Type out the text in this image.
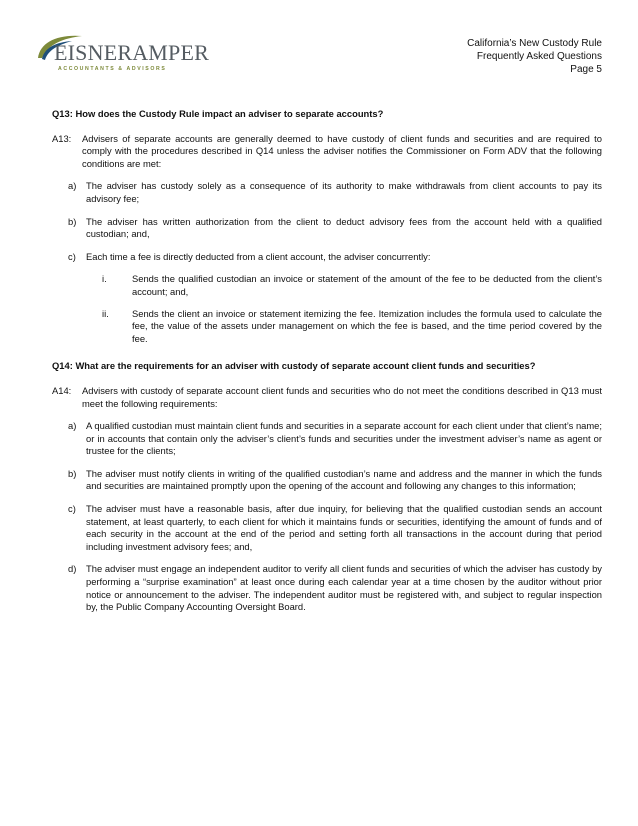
EISNERAMPER
ACCOUNTANTS & ADVISORS
California’s New Custody Rule
Frequently Asked Questions
Page 5
Q13: How does the Custody Rule impact an adviser to separate accounts?
A13:	Advisers of separate accounts are generally deemed to have custody of client funds and securities and are required to comply with the procedures described in Q14 unless the adviser notifies the Commissioner on Form ADV that the following conditions are met:
a)	The adviser has custody solely as a consequence of its authority to make withdrawals from client accounts to pay its advisory fee;
b)	The adviser has written authorization from the client to deduct advisory fees from the account held with a qualified custodian; and,
c)	Each time a fee is directly deducted from a client account, the adviser concurrently:
i.	Sends the qualified custodian an invoice or statement of the amount of the fee to be deducted from the client’s account; and,
ii.	Sends the client an invoice or statement itemizing the fee. Itemization includes the formula used to calculate the fee, the value of the assets under management on which the fee is based, and the time period covered by the fee.
Q14: What are the requirements for an adviser with custody of separate account client funds and securities?
A14:	Advisers with custody of separate account client funds and securities who do not meet the conditions described in Q13 must meet the following requirements:
a)	A qualified custodian must maintain client funds and securities in a separate account for each client under that client’s name; or in accounts that contain only the adviser’s client’s funds and securities under the investment adviser’s name as agent or trustee for the clients;
b)	The adviser must notify clients in writing of the qualified custodian’s name and address and the manner in which the funds and securities are maintained promptly upon the opening of the account and following any changes to this information;
c)	The adviser must have a reasonable basis, after due inquiry, for believing that the qualified custodian sends an account statement, at least quarterly, to each client for which it maintains funds or securities, identifying the amount of funds and of each security in the account at the end of the period and setting forth all transactions in the account during that period including investment advisory fees; and,
d)	The adviser must engage an independent auditor to verify all client funds and securities of which the adviser has custody by performing a “surprise examination” at least once during each calendar year at a time chosen by the auditor without prior notice or announcement to the adviser. The independent auditor must be registered with, and subject to regular inspection by, the Public Company Accounting Oversight Board.
